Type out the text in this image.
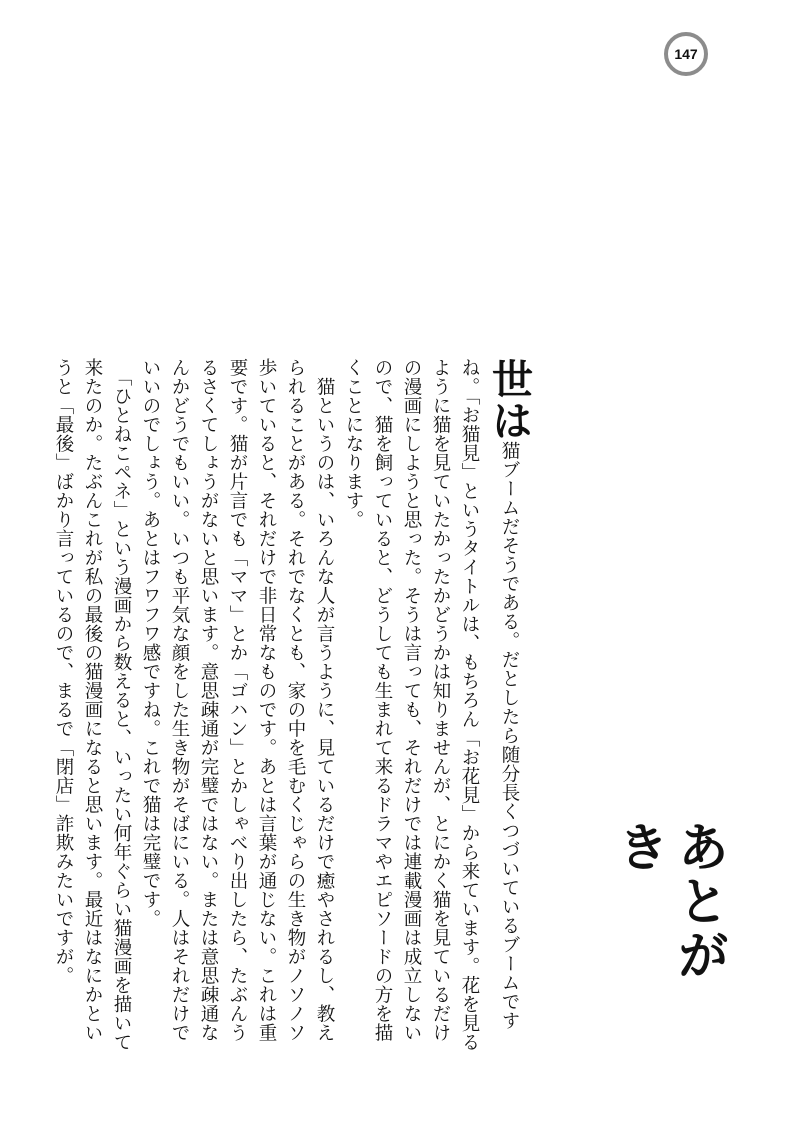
147
あとがき

世は猫ブームだそうである。だとしたら随分長くつづいているブームですね。「お猫見」というタイトルは、もちろん「お花見」から来ています。花を見るように猫を見ていたかったかどうかは知りませんが、とにかく猫を見ているだけの漫画にしようと思った。そうは言っても、それだけでは連載漫画は成立しないので、猫を飼っていると、どうしても生まれて来るドラマやエピソードの方を描くことになります。

　猫というのは、いろんな人が言うように、見ているだけで癒やされるし、教えられることがある。それでなくとも、家の中を毛むくじゃらの生き物がノソノソ歩いていると、それだけで非日常なものです。あとは言葉が通じない。これは重要です。猫が片言でも「ママ」とか「ゴハン」とかしゃべり出したら、たぶんうるさくてしょうがないと思います。意思疎通が完璧ではない。または意思疎通なんかどうでもいい。いつも平気な顔をした生き物がそばにいる。人はそれだけでいいのでしょう。あとはフワフワ感ですね。これで猫は完璧です。

　「ひとねこペネ」という漫画から数えると、いったい何年ぐらい猫漫画を描いて来たのか。たぶんこれが私の最後の猫漫画になると思います。最近はなにかというと「最後」ばかり言っているので、まるで「閉店」詐欺みたいですが。
